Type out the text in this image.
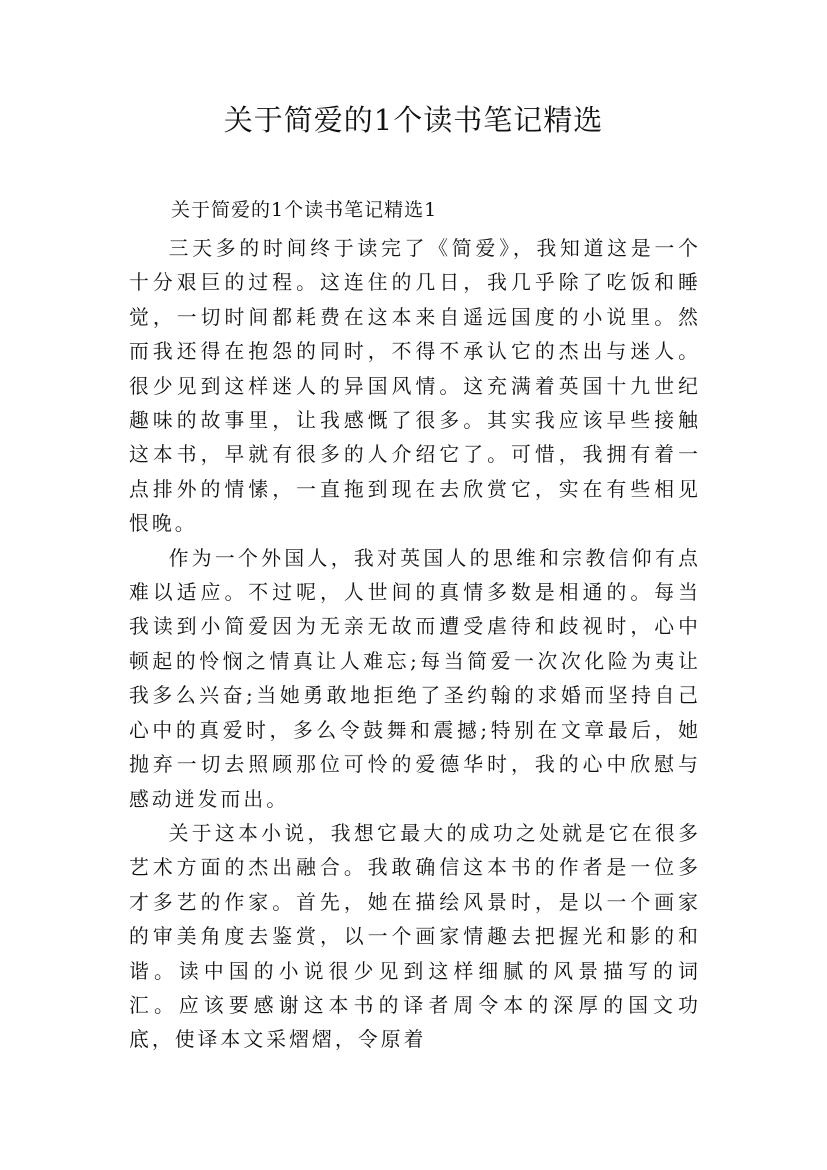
关于简爱的1个读书笔记精选
关于简爱的1个读书笔记精选1

三天多的时间终于读完了《简爱》，我知道这是一个十分艰巨的过程。这连住的几日，我几乎除了吃饭和睡觉，一切时间都耗费在这本来自遥远国度的小说里。然而我还得在抱怨的同时，不得不承认它的杰出与迷人。很少见到这样迷人的异国风情。这充满着英国十九世纪趣味的故事里，让我感慨了很多。其实我应该早些接触这本书，早就有很多的人介绍它了。可惜，我拥有着一点排外的情愫，一直拖到现在去欣赏它，实在有些相见恨晚。

作为一个外国人，我对英国人的思维和宗教信仰有点难以适应。不过呢，人世间的真情多数是相通的。每当我读到小简爱因为无亲无故而遭受虐待和歧视时，心中顿起的怜悯之情真让人难忘;每当简爱一次次化险为夷让我多么兴奋;当她勇敢地拒绝了圣约翰的求婚而坚持自己心中的真爱时，多么令鼓舞和震撼;特别在文章最后，她抛弃一切去照顾那位可怜的爱德华时，我的心中欣慰与感动迸发而出。

关于这本小说，我想它最大的成功之处就是它在很多艺术方面的杰出融合。我敢确信这本书的作者是一位多才多艺的作家。首先，她在描绘风景时，是以一个画家的审美角度去鉴赏，以一个画家情趣去把握光和影的和谐。读中国的小说很少见到这样细腻的风景描写的词汇。应该要感谢这本书的译者周令本的深厚的国文功底，使译本文采熠熠，令原着
